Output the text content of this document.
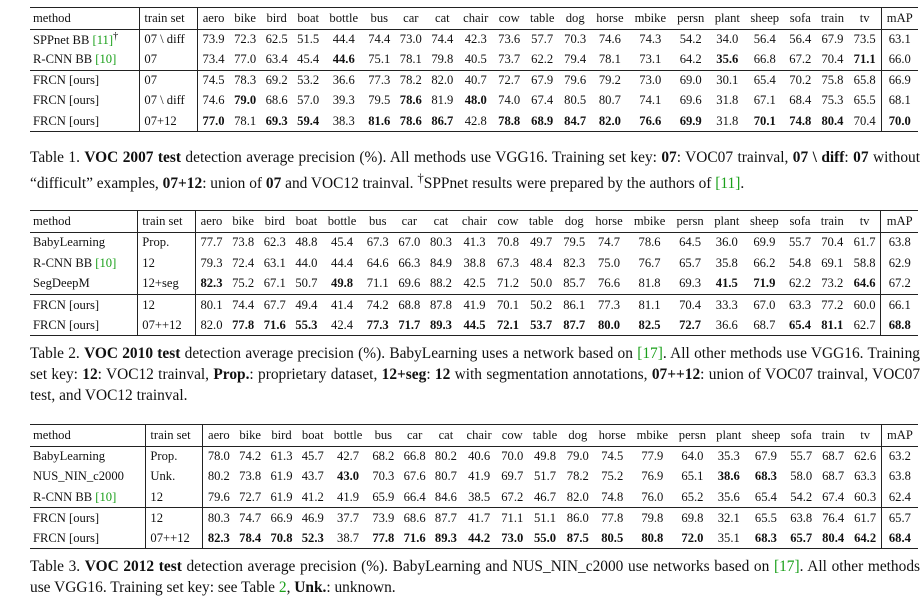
method	train set	aero	bike	bird	boat	bottle	bus	car	cat	chair	cow	table	dog	horse	mbike	persn	plant	sheep	sofa	train	tv	mAP
SPPnet BB [11]†	07 \ diff	73.9	72.3	62.5	51.5	44.4	74.4	73.0	74.4	42.3	73.6	57.7	70.3	74.6	74.3	54.2	34.0	56.4	56.4	67.9	73.5	63.1
R-CNN BB [10]	07	73.4	77.0	63.4	45.4	44.6	75.1	78.1	79.8	40.5	73.7	62.2	79.4	78.1	73.1	64.2	35.6	66.8	67.2	70.4	71.1	66.0
FRCN [ours]	07	74.5	78.3	69.2	53.2	36.6	77.3	78.2	82.0	40.7	72.7	67.9	79.6	79.2	73.0	69.0	30.1	65.4	70.2	75.8	65.8	66.9
FRCN [ours]	07 \ diff	74.6	79.0	68.6	57.0	39.3	79.5	78.6	81.9	48.0	74.0	67.4	80.5	80.7	74.1	69.6	31.8	67.1	68.4	75.3	65.5	68.1
FRCN [ours]	07+12	77.0	78.1	69.3	59.4	38.3	81.6	78.6	86.7	42.8	78.8	68.9	84.7	82.0	76.6	69.9	31.8	70.1	74.8	80.4	70.4	70.0

Table 1. VOC 2007 test detection average precision (%). All methods use VGG16. Training set key: 07: VOC07 trainval, 07 \ diff: 07 without “difficult” examples, 07+12: union of 07 and VOC12 trainval. †SPPnet results were prepared by the authors of [11].

method	train set	aero	bike	bird	boat	bottle	bus	car	cat	chair	cow	table	dog	horse	mbike	persn	plant	sheep	sofa	train	tv	mAP
BabyLearning	Prop.	77.7	73.8	62.3	48.8	45.4	67.3	67.0	80.3	41.3	70.8	49.7	79.5	74.7	78.6	64.5	36.0	69.9	55.7	70.4	61.7	63.8
R-CNN BB [10]	12	79.3	72.4	63.1	44.0	44.4	64.6	66.3	84.9	38.8	67.3	48.4	82.3	75.0	76.7	65.7	35.8	66.2	54.8	69.1	58.8	62.9
SegDeepM	12+seg	82.3	75.2	67.1	50.7	49.8	71.1	69.6	88.2	42.5	71.2	50.0	85.7	76.6	81.8	69.3	41.5	71.9	62.2	73.2	64.6	67.2
FRCN [ours]	12	80.1	74.4	67.7	49.4	41.4	74.2	68.8	87.8	41.9	70.1	50.2	86.1	77.3	81.1	70.4	33.3	67.0	63.3	77.2	60.0	66.1
FRCN [ours]	07++12	82.0	77.8	71.6	55.3	42.4	77.3	71.7	89.3	44.5	72.1	53.7	87.7	80.0	82.5	72.7	36.6	68.7	65.4	81.1	62.7	68.8

Table 2. VOC 2010 test detection average precision (%). BabyLearning uses a network based on [17]. All other methods use VGG16. Training set key: 12: VOC12 trainval, Prop.: proprietary dataset, 12+seg: 12 with segmentation annotations, 07++12: union of VOC07 trainval, VOC07 test, and VOC12 trainval.

method	train set	aero	bike	bird	boat	bottle	bus	car	cat	chair	cow	table	dog	horse	mbike	persn	plant	sheep	sofa	train	tv	mAP
BabyLearning	Prop.	78.0	74.2	61.3	45.7	42.7	68.2	66.8	80.2	40.6	70.0	49.8	79.0	74.5	77.9	64.0	35.3	67.9	55.7	68.7	62.6	63.2
NUS_NIN_c2000	Unk.	80.2	73.8	61.9	43.7	43.0	70.3	67.6	80.7	41.9	69.7	51.7	78.2	75.2	76.9	65.1	38.6	68.3	58.0	68.7	63.3	63.8
R-CNN BB [10]	12	79.6	72.7	61.9	41.2	41.9	65.9	66.4	84.6	38.5	67.2	46.7	82.0	74.8	76.0	65.2	35.6	65.4	54.2	67.4	60.3	62.4
FRCN [ours]	12	80.3	74.7	66.9	46.9	37.7	73.9	68.6	87.7	41.7	71.1	51.1	86.0	77.8	79.8	69.8	32.1	65.5	63.8	76.4	61.7	65.7
FRCN [ours]	07++12	82.3	78.4	70.8	52.3	38.7	77.8	71.6	89.3	44.2	73.0	55.0	87.5	80.5	80.8	72.0	35.1	68.3	65.7	80.4	64.2	68.4

Table 3. VOC 2012 test detection average precision (%). BabyLearning and NUS_NIN_c2000 use networks based on [17]. All other methods use VGG16. Training set key: see Table 2, Unk.: unknown.
